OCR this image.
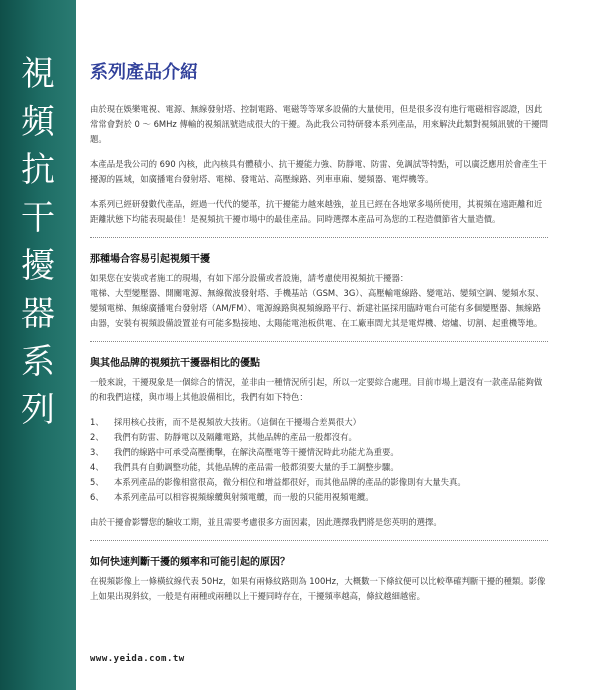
視頻抗干擾器系列
系列產品介紹

由於現在娛樂電視、電源、無線發射塔、控制電路、電磁等等眾多設備的大量使用，但是很多沒有進行電磁相容認證，因此常常會對於 0 ～ 6MHz 傳輸的視頻訊號造成很大的干擾。為此我公司特研發本系列產品，用來解決此類對視頻訊號的干擾問題。

本產品是我公司的 690 內核，此內核具有體積小、抗干擾能力強、防靜電、防雷、免調試等特點，可以廣泛應用於會產生干擾源的區域，如廣播電台發射塔、電梯、發電站、高壓線路、列車車廂、變頻器、電焊機等。

本系列已經研發數代產品，經過一代代的變革，抗干擾能力越來越強，並且已經在各地眾多場所使用，其視頻在遠距離和近距離狀態下均能表現最佳！是視頻抗干擾市場中的最佳產品。同時選擇本產品可為您的工程造價節省大量造價。

那種場合容易引起視頻干擾

如果您在安裝或者施工的現場，有如下部分設備或者設施，請考慮使用視頻抗干擾器：
電梯、大型變壓器、開關電源、無線微波發射塔、手機基站（GSM、3G）、高壓輸電線路、變電站、變頻空調、變頻水泵、變頻電梯、無線廣播電台發射塔（AM/FM）、電源線路與視頻線路平行、新建社區採用臨時電台可能有多個變壓器、無線路由器，安裝有視頻設備設置並有可能多點接地、太陽能電池板供電、在工廠車間尤其是電焊機、熔爐、切割、起重機等地。

與其他品牌的視頻抗干擾器相比的優點

一般來說，干擾現象是一個綜合的情況，並非由一種情況所引起，所以一定要綜合處理。目前市場上還沒有一款產品能夠做的和我們這樣，與市場上其他設備相比，我們有如下特色：

1、	採用核心技術，而不是視頻放大技術。（這個在干擾場合差異很大）
2、	我們有防雷、防靜電以及隔離電路，其他品牌的產品一般都沒有。
3、	我們的線路中可承受高壓衝擊，在解決高壓電等干擾情況時此功能尤為重要。
4、	我們具有自動調整功能，其他品牌的產品需一般都須要大量的手工調整步驟。
5、	本系列產品的影像相當很高，微分相位和增益都很好，而其他品牌的產品的影像則有大量失真。
6、	本系列產品可以相容視頻線纜與射頻電纜，而一般的只能用視頻電纜。

由於干擾會影響您的驗收工期，並且需要考慮很多方面因素，因此選擇我們將是您英明的選擇。

如何快速判斷干擾的頻率和可能引起的原因？

在視頻影像上一條橫紋線代表 50Hz，如果有兩條紋路則為 100Hz，大概數一下條紋便可以比較準確判斷干擾的種類。影像上如果出現斜紋，一般是有兩種或兩種以上干擾同時存在，干擾頻率越高，條紋越細越密。

www.yeida.com.tw
